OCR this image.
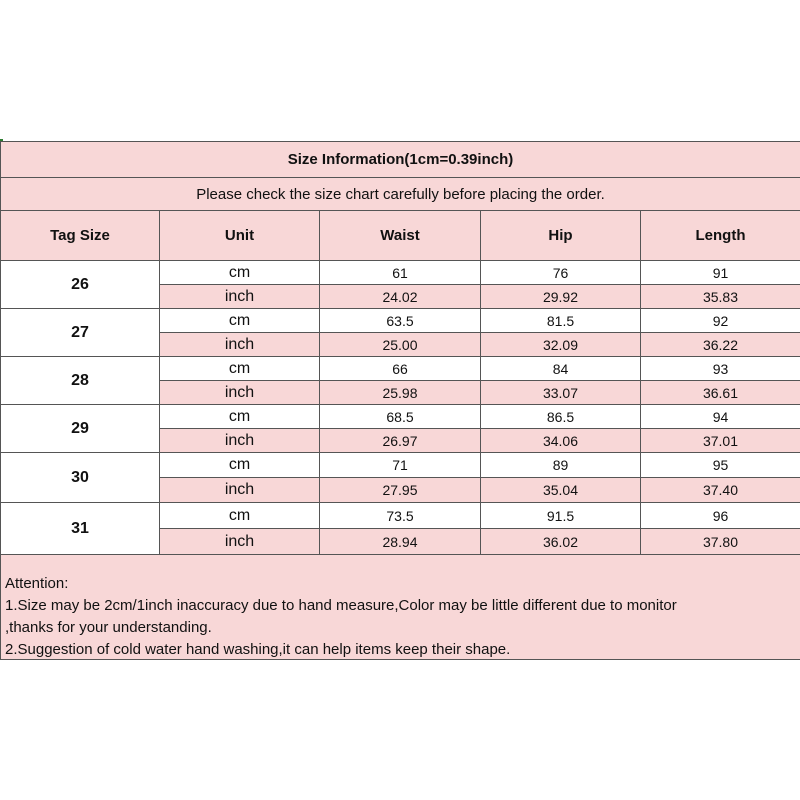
Size Information(1cm=0.39inch)
Please check the size chart carefully before placing the order.
Tag Size	Unit	Waist	Hip	Length
26
cm	61	76	91
inch	24.02	29.92	35.83
27
cm	63.5	81.5	92
inch	25.00	32.09	36.22
28
cm	66	84	93
inch	25.98	33.07	36.61
29
cm	68.5	86.5	94
inch	26.97	34.06	37.01
30
cm	71	89	95
inch	27.95	35.04	37.40
31
cm	73.5	91.5	96
inch	28.94	36.02	37.80
Attention:
1.Size may be 2cm/1inch inaccuracy due to hand measure,Color may be little different due to monitor
,thanks for your understanding.
2.Suggestion of cold water hand washing,it can help items keep their shape.
